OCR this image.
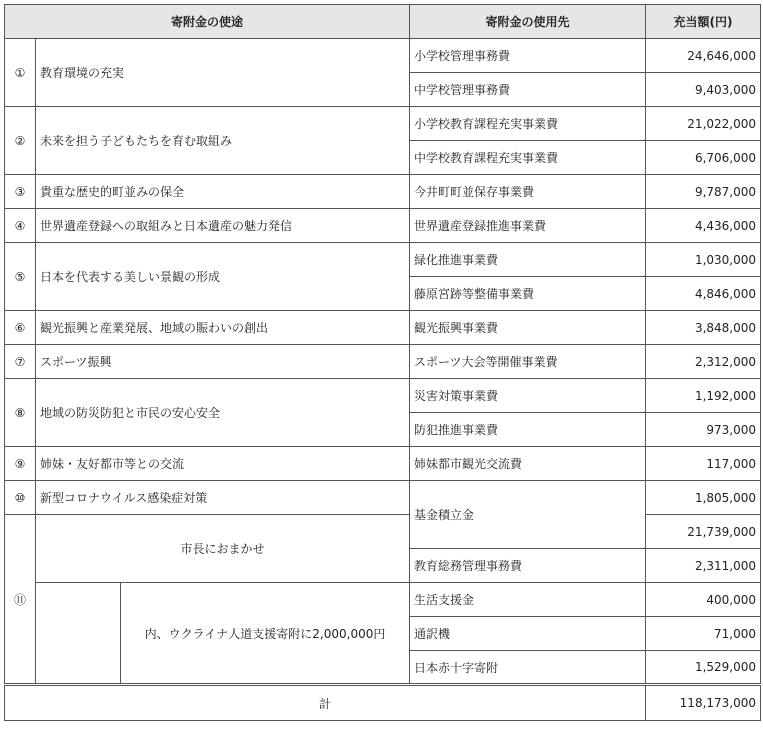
寄附金の使途			寄附金の使用先	充当額(円)
①	教育環境の充実		小学校管理事務費	24,646,000
			中学校管理事務費	9,403,000
②	未来を担う子どもたちを育む取組み		小学校教育課程充実事業費	21,022,000
			中学校教育課程充実事業費	6,706,000
③	貴重な歴史的町並みの保全		今井町町並保存事業費	9,787,000
④	世界遺産登録への取組みと日本遺産の魅力発信		世界遺産登録推進事業費	4,436,000
⑤	日本を代表する美しい景観の形成		緑化推進事業費	1,030,000
			藤原宮跡等整備事業費	4,846,000
⑥	観光振興と産業発展、地域の賑わいの創出		観光振興事業費	3,848,000
⑦	スポーツ振興		スポーツ大会等開催事業費	2,312,000
⑧	地域の防災防犯と市民の安心安全		災害対策事業費	1,192,000
			防犯推進事業費	973,000
⑨	姉妹・友好都市等との交流		姉妹都市観光交流費	117,000
⑩	新型コロナウイルス感染症対策		基金積立金	1,805,000
⑪	市長におまかせ			21,739,000
			教育総務管理事務費	2,311,000
		内、ウクライナ人道支援寄附に2,000,000円	生活支援金	400,000
			通訳機	71,000
			日本赤十字寄附	1,529,000
計				118,173,000
